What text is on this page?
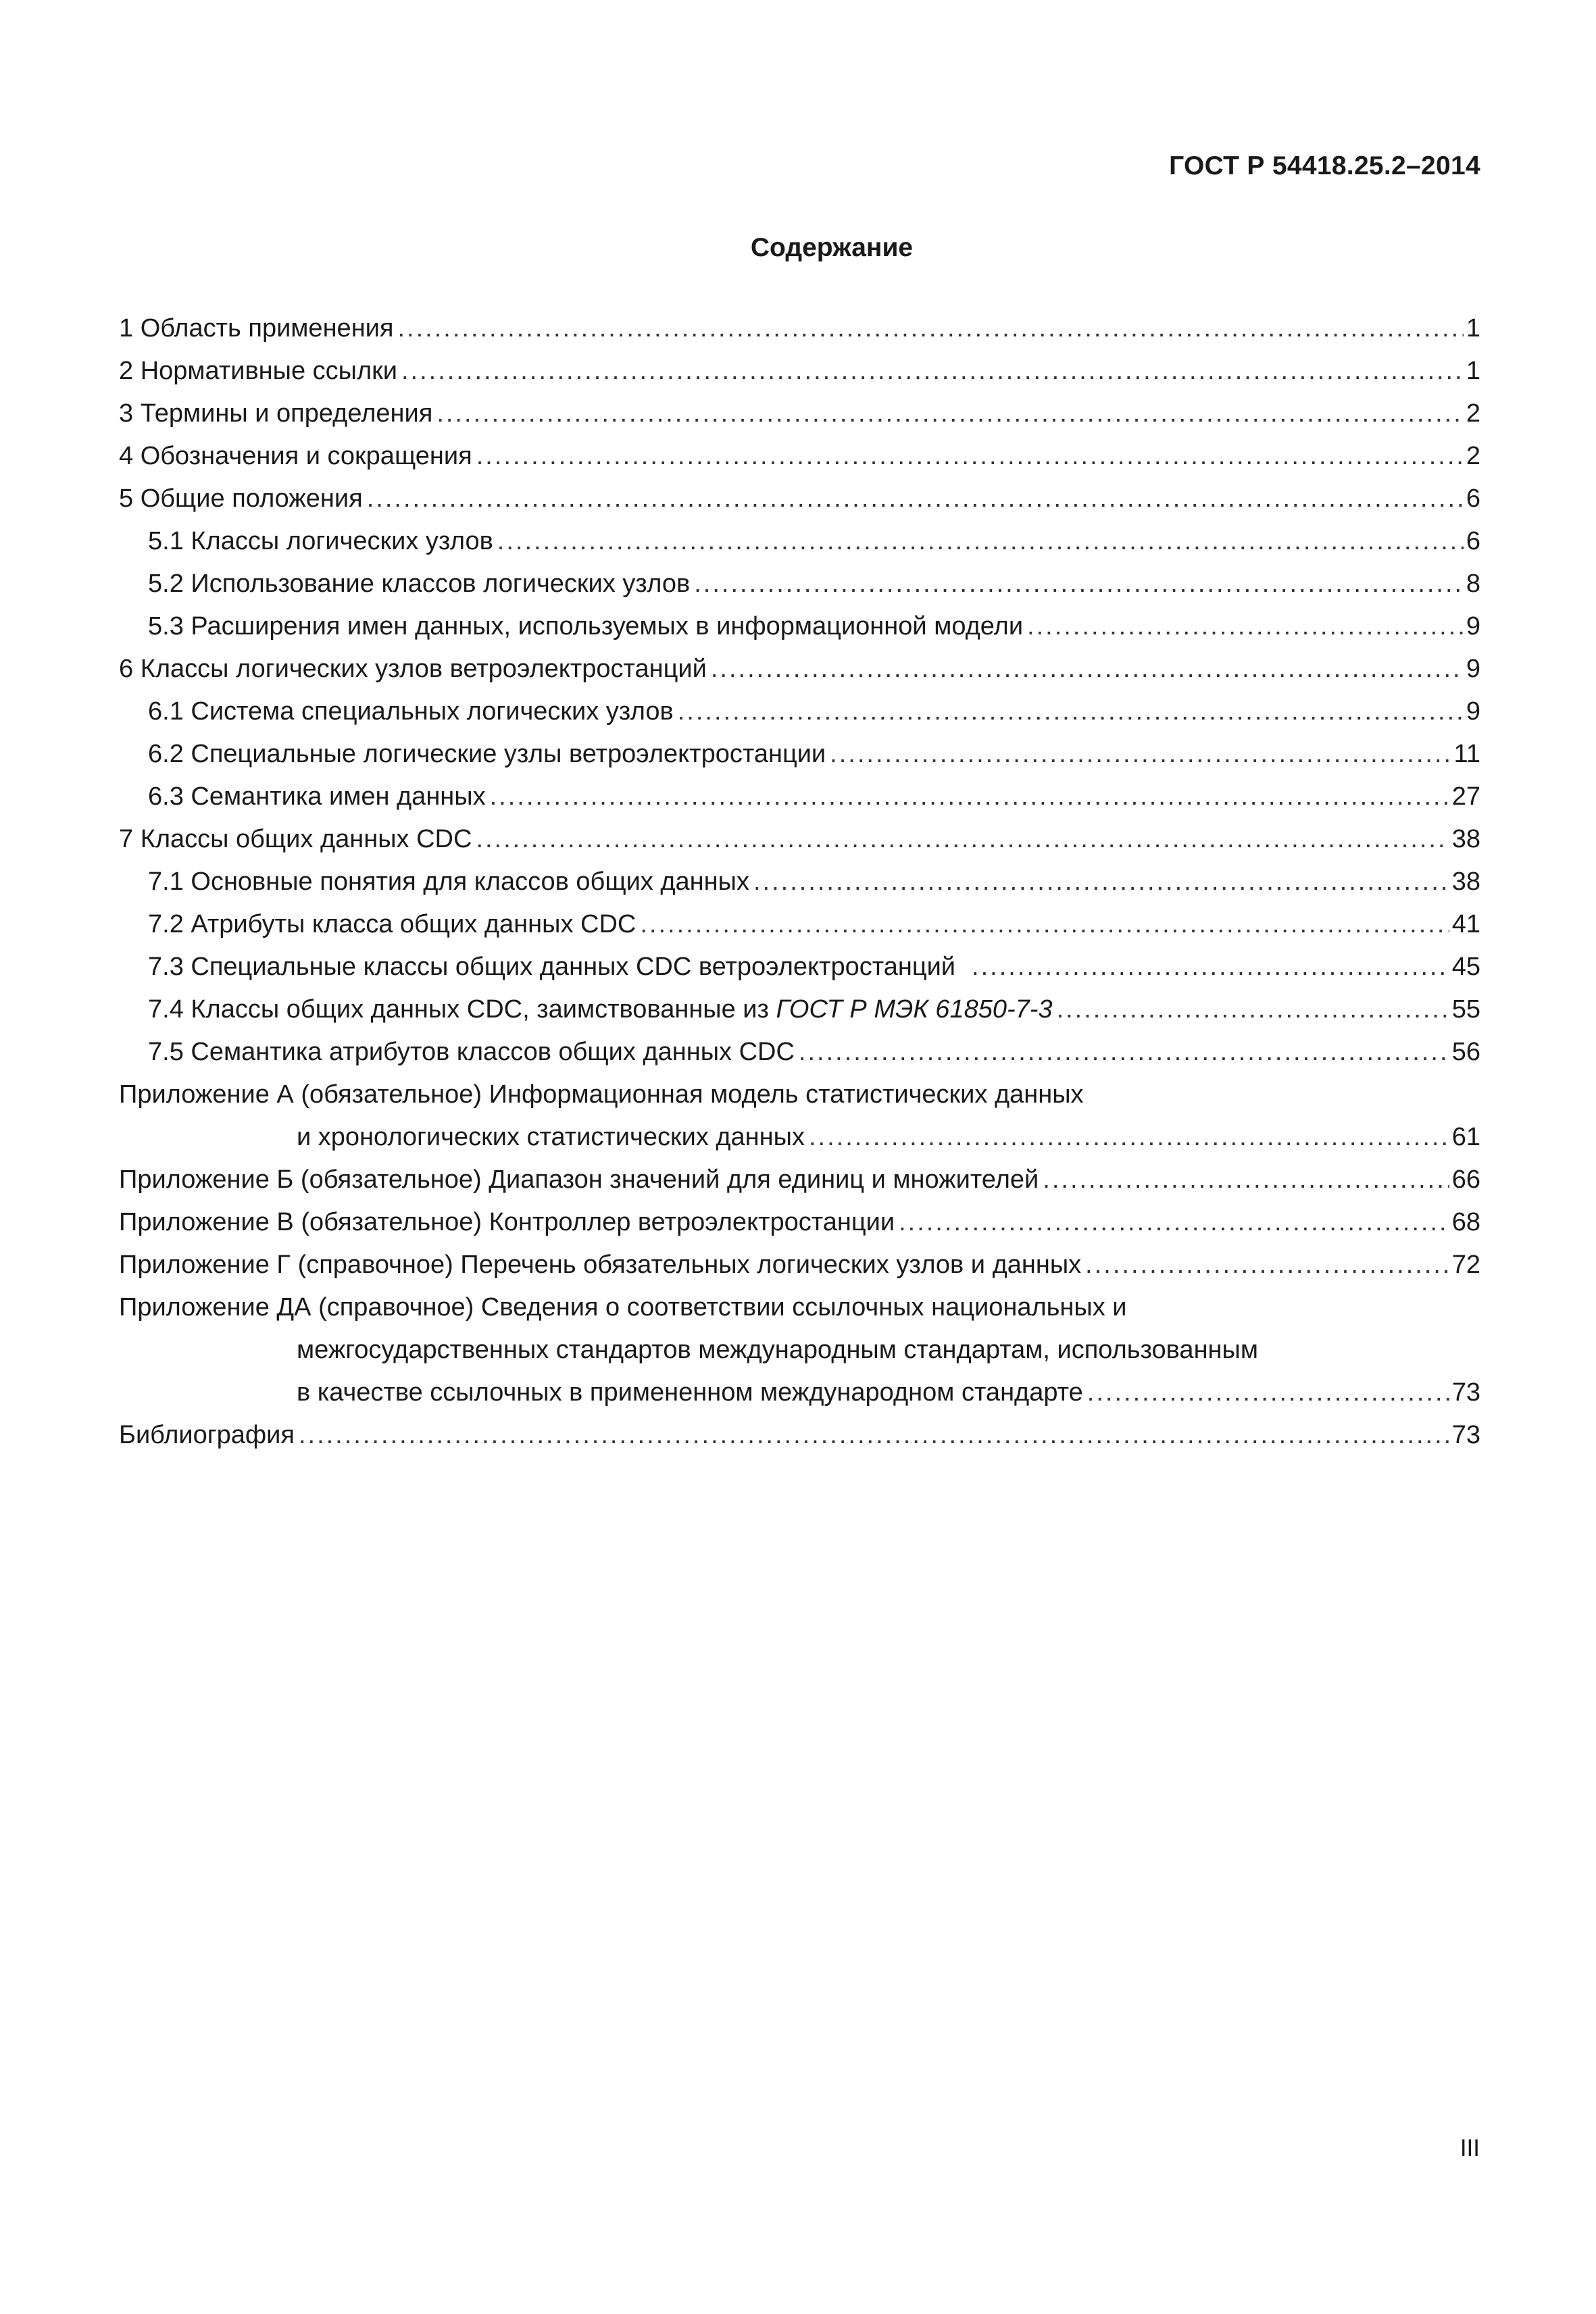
ГОСТ Р 54418.25.2–2014
Содержание
1 Область применения .....	1
2 Нормативные ссылки .....	1
3 Термины и определения .....	2
4 Обозначения и сокращения .....	2
5 Общие положения .....	6
5.1 Классы логических узлов .....	6
5.2 Использование классов логических узлов .....	8
5.3 Расширения имен данных, используемых в информационной модели .....	9
6 Классы логических узлов ветроэлектростанций .....	9
6.1 Система специальных логических узлов .....	9
6.2 Специальные логические узлы ветроэлектростанции .....	11
6.3 Семантика имен данных .....	27
7 Классы общих данных CDC .....	38
7.1 Основные понятия для классов общих данных .....	38
7.2 Атрибуты класса общих данных CDC .....	41
7.3 Специальные классы общих данных CDC ветроэлектростанций .....	45
7.4 Классы общих данных CDC, заимствованные из ГОСТ Р МЭК 61850-7-3 .....	55
7.5 Семантика атрибутов классов общих данных CDC .....	56
Приложение А (обязательное) Информационная модель статистических данных
и хронологических статистических данных .....	61
Приложение Б (обязательное) Диапазон значений для единиц и множителей .....	66
Приложение В (обязательное) Контроллер ветроэлектростанции .....	68
Приложение Г (справочное) Перечень обязательных логических узлов и данных .....	72
Приложение ДА (справочное) Сведения о соответствии ссылочных национальных и
межгосударственных стандартов международным стандартам, использованным
в качестве ссылочных в примененном международном стандарте .....	73
Библиография .....	73
III
